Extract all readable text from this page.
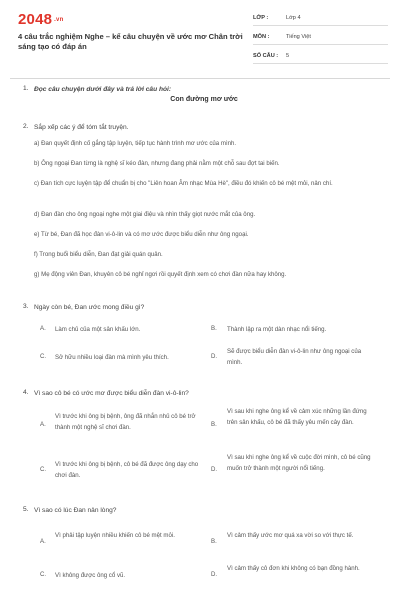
2048 .vn
4 câu trắc nghiệm Nghe – kể câu chuyện về ước mơ Chân trời sáng tạo có đáp án
LỚP :	Lớp 4
MÔN :	Tiếng Việt
SỐ CÂU :	5
1. Đọc câu chuyện dưới đây và trả lời câu hỏi:
Con đường mơ ước
2. Sắp xếp các ý để tóm tắt truyện.
a) Đan quyết định cố gắng tập luyện, tiếp tục hành trình mơ ước của mình.
b) Ông ngoại Đan từng là nghệ sĩ kéo đàn, nhưng đang phải nằm một chỗ sau đợt tai biến.
c) Đan tích cực luyện tập để chuẩn bị cho "Liên hoan Âm nhạc Mùa Hè", điều đó khiến cô bé mệt mỏi, nản chí.
d) Đan đàn cho ông ngoại nghe một giai điệu và nhìn thấy giọt nước mắt của ông.
e) Từ bé, Đan đã học đàn vi-ô-lin và có mơ ước được biểu diễn như ông ngoại.
f) Trong buổi biểu diễn, Đan đạt giải quán quân.
g) Mẹ động viên Đan, khuyên cô bé nghỉ ngơi rồi quyết định xem có chơi đàn nữa hay không.
3. Ngày còn bé, Đan ước mong điều gì?
A. Làm chủ của một sân khấu lớn.	B. Thành lập ra một dàn nhạc nổi tiếng.
C. Sở hữu nhiều loại đàn mà mình yêu thích.	D.
Sẽ được biểu diễn đàn vi-ô-lin như ông ngoại của mình.
4. Vì sao cô bé có ước mơ được biểu diễn đàn vi-ô-lin?
A.
Vì trước khi ông bị bệnh, ông đã nhắn nhủ cô bé trở thành một nghệ sĩ chơi đàn.	B.
Vì sau khi nghe ông kể về cảm xúc những lần đứng trên sân khấu, cô bé đã thấy yêu mến cây đàn.
C.
Vì trước khi ông bị bệnh, cô bé đã được ông dạy cho chơi đàn.
D.
Vì sau khi nghe ông kể về cuộc đời mình, cô bé cũng muốn trở thành một người nổi tiếng.
5. Vì sao có lúc Đan nản lòng?
A.
Vì phải tập luyện nhiều khiến cô bé mệt mỏi.
B.
Vì cảm thấy ước mơ quá xa vời so với thực tế.
C. Vì không được ông cổ vũ.	D.
Vì cảm thấy cô đơn khi không có bạn đồng hành.
